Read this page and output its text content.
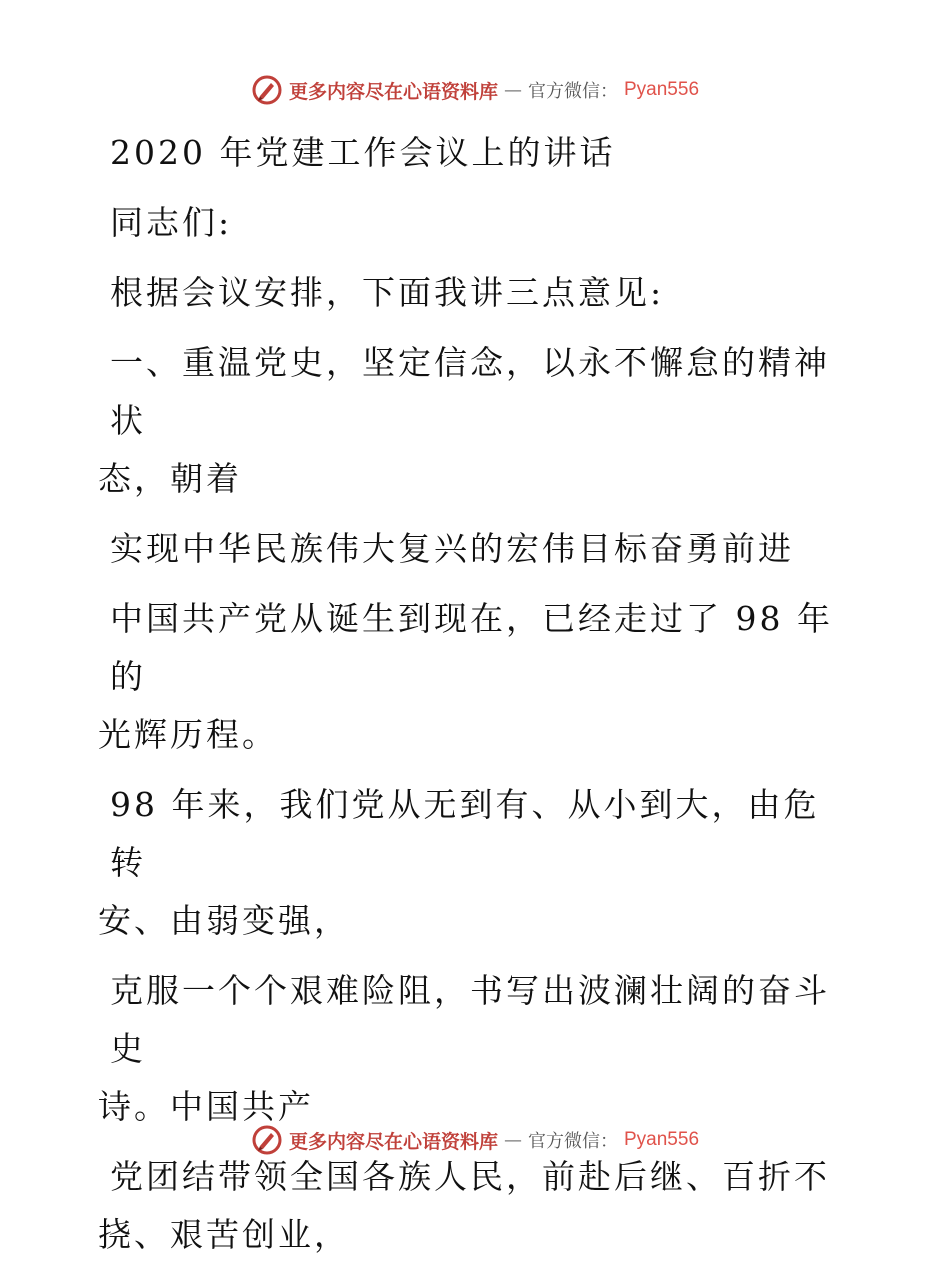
更多内容尽在心语资料库 — 官方微信： Pyan556

2020 年党建工作会议上的讲话

同志们:

根据会议安排，下面我讲三点意见:

一、重温党史，坚定信念，以永不懈怠的精神状
态，朝着

实现中华民族伟大复兴的宏伟目标奋勇前进

中国共产党从诞生到现在，已经走过了 98 年的
光辉历程。

98 年来，我们党从无到有、从小到大，由危转
安、由弱变强，

克服一个个艰难险阻，书写出波澜壮阔的奋斗史
诗。中国共产

党团结带领全国各族人民，前赴后继、百折不
挠、艰苦创业，

更多内容尽在心语资料库 — 官方微信： Pyan556
